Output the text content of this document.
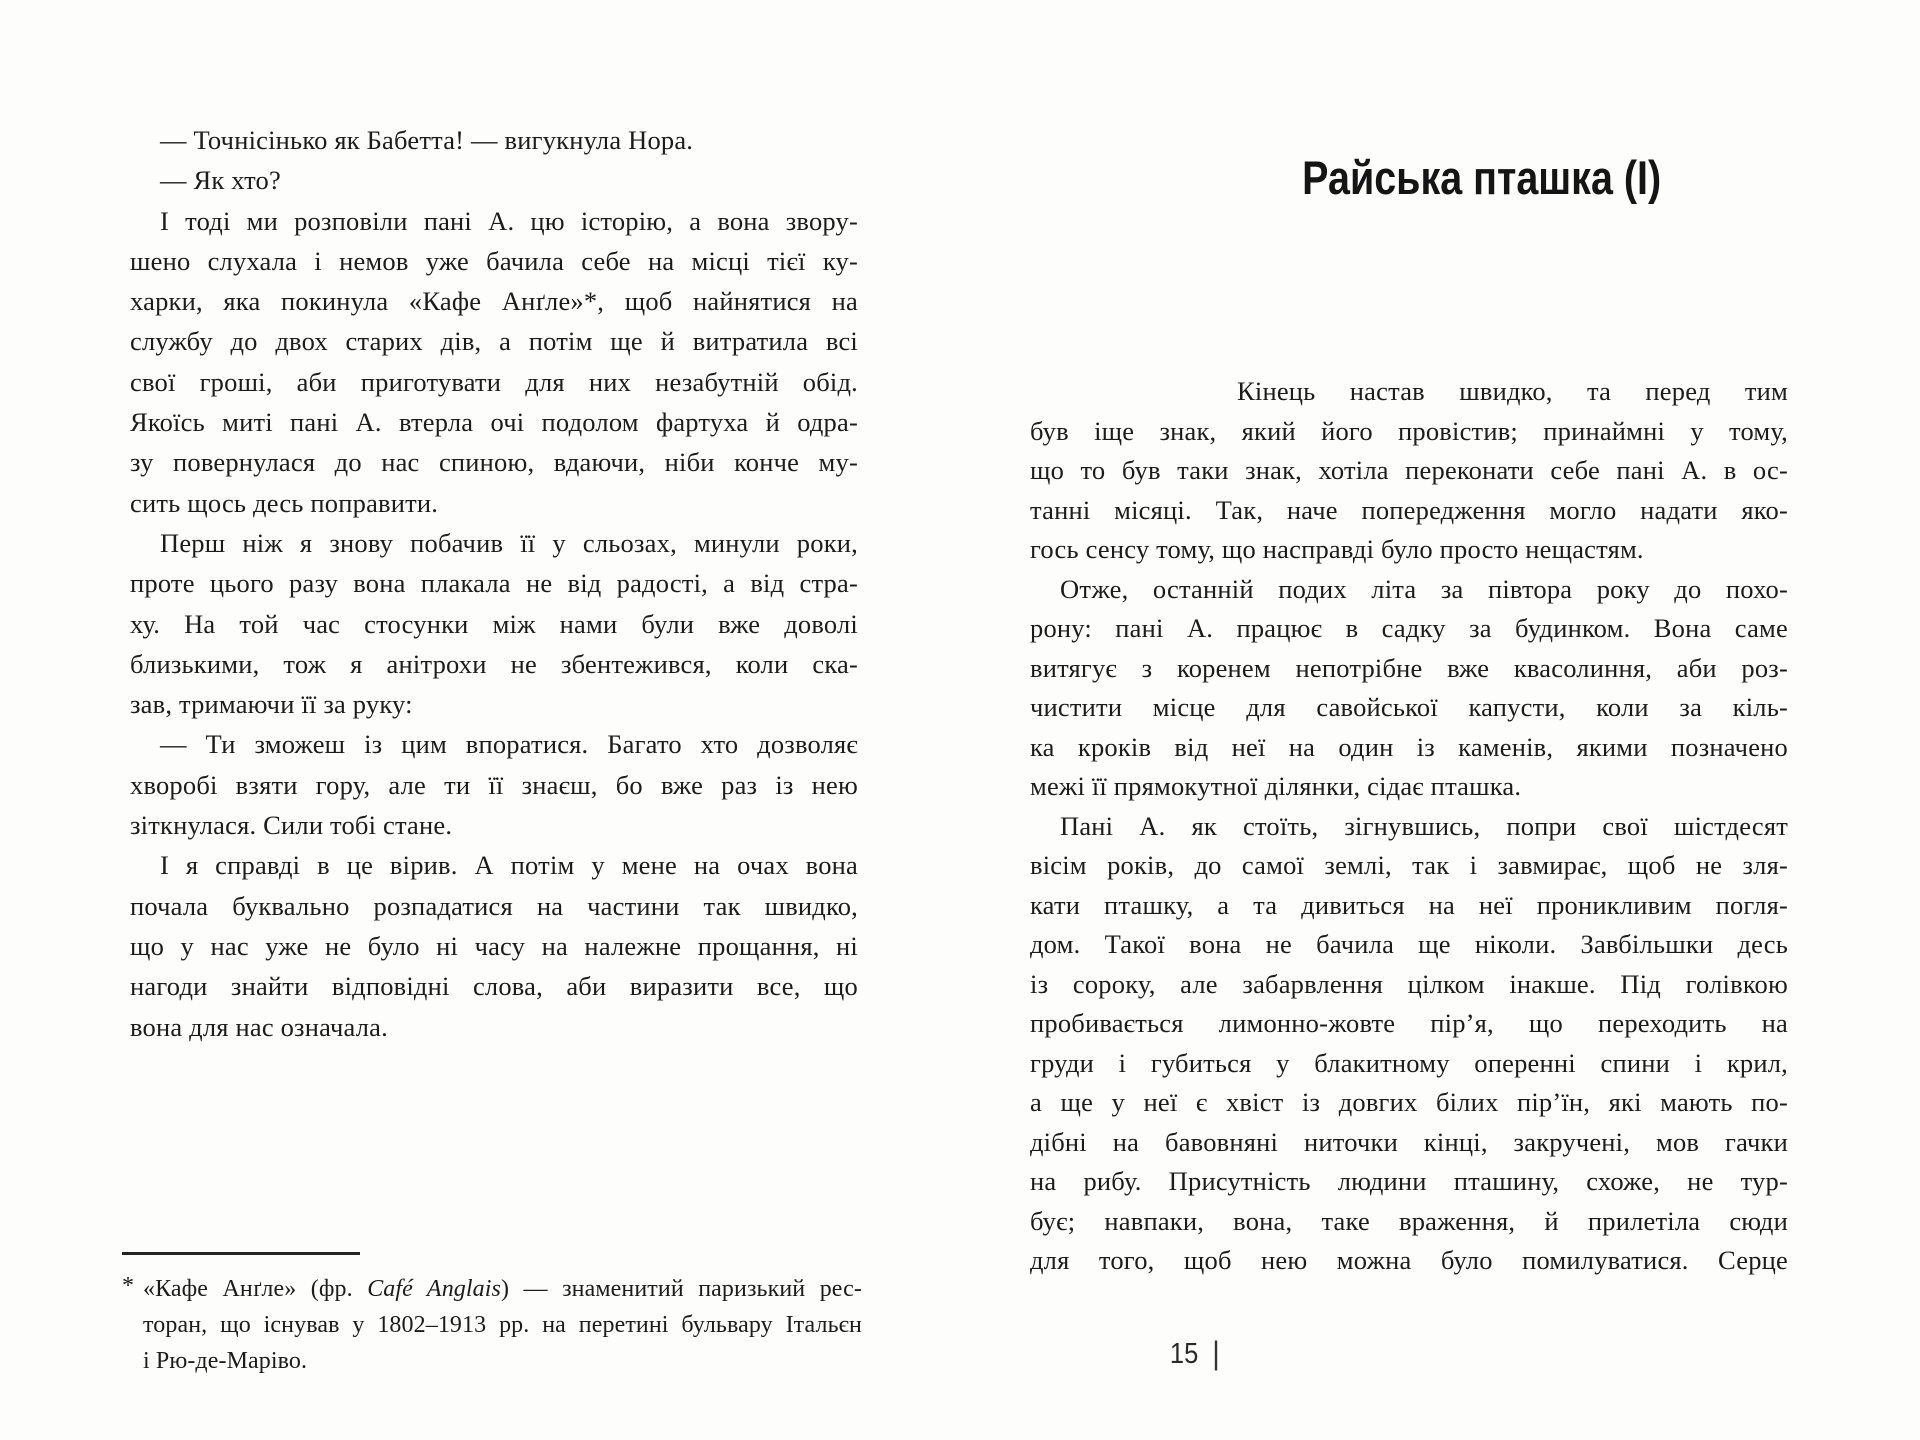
— Точнісінько як Бабетта! — вигукнула Нора.
— Як хто?
І тоді ми розповіли пані А. цю історію, а вона звору-
шено слухала і немов уже бачила себе на місці тієї ку-
харки, яка покинула «Кафе Анґле»*, щоб найнятися на
службу до двох старих дів, а потім ще й витратила всі
свої гроші, аби приготувати для них незабутній обід.
Якоїсь миті пані А. втерла очі подолом фартуха й одра-
зу повернулася до нас спиною, вдаючи, ніби конче му-
сить щось десь поправити.
Перш ніж я знову побачив її у сльозах, минули роки,
проте цього разу вона плакала не від радості, а від стра-
ху. На той час стосунки між нами були вже доволі
близькими, тож я анітрохи не збентежився, коли ска-
зав, тримаючи її за руку:
— Ти зможеш із цим впоратися. Багато хто дозволяє
хворобі взяти гору, але ти її знаєш, бо вже раз із нею
зіткнулася. Сили тобі стане.
І я справді в це вірив. А потім у мене на очах вона
почала буквально розпадатися на частини так швидко,
що у нас уже не було ні часу на належне прощання, ні
нагоди знайти відповідні слова, аби виразити все, що
вона для нас означала.
* «Кафе Анґле» (фр. Café Anglais) — знаменитий паризький рес-
торан, що існував у 1802–1913 рр. на перетині бульвару Італьєн
і Рю-де-Маріво.
Райська пташка (І)
Кінець настав швидко, та перед тим
був іще знак, який його провістив; принаймні у тому,
що то був таки знак, хотіла переконати себе пані А. в ос-
танні місяці. Так, наче попередження могло надати яко-
гось сенсу тому, що насправді було просто нещастям.
Отже, останній подих літа за півтора року до похо-
рону: пані А. працює в садку за будинком. Вона саме
витягує з коренем непотрібне вже квасолиння, аби роз-
чистити місце для савойської капусти, коли за кіль-
ка кроків від неї на один із каменів, якими позначено
межі її прямокутної ділянки, сідає пташка.
Пані А. як стоїть, зігнувшись, попри свої шістдесят
вісім років, до самої землі, так і завмирає, щоб не зля-
кати пташку, а та дивиться на неї проникливим погля-
дом. Такої вона не бачила ще ніколи. Завбільшки десь
із сороку, але забарвлення цілком інакше. Під голівкою
пробивається лимонно-жовте пір’я, що переходить на
груди і губиться у блакитному оперенні спини і крил,
а ще у неї є хвіст із довгих білих пір’їн, які мають по-
дібні на бавовняні ниточки кінці, закручені, мов гачки
на рибу. Присутність людини пташину, схоже, не тур-
бує; навпаки, вона, таке враження, й прилетіла сюди
для того, щоб нею можна було помилуватися. Серце
15 |
